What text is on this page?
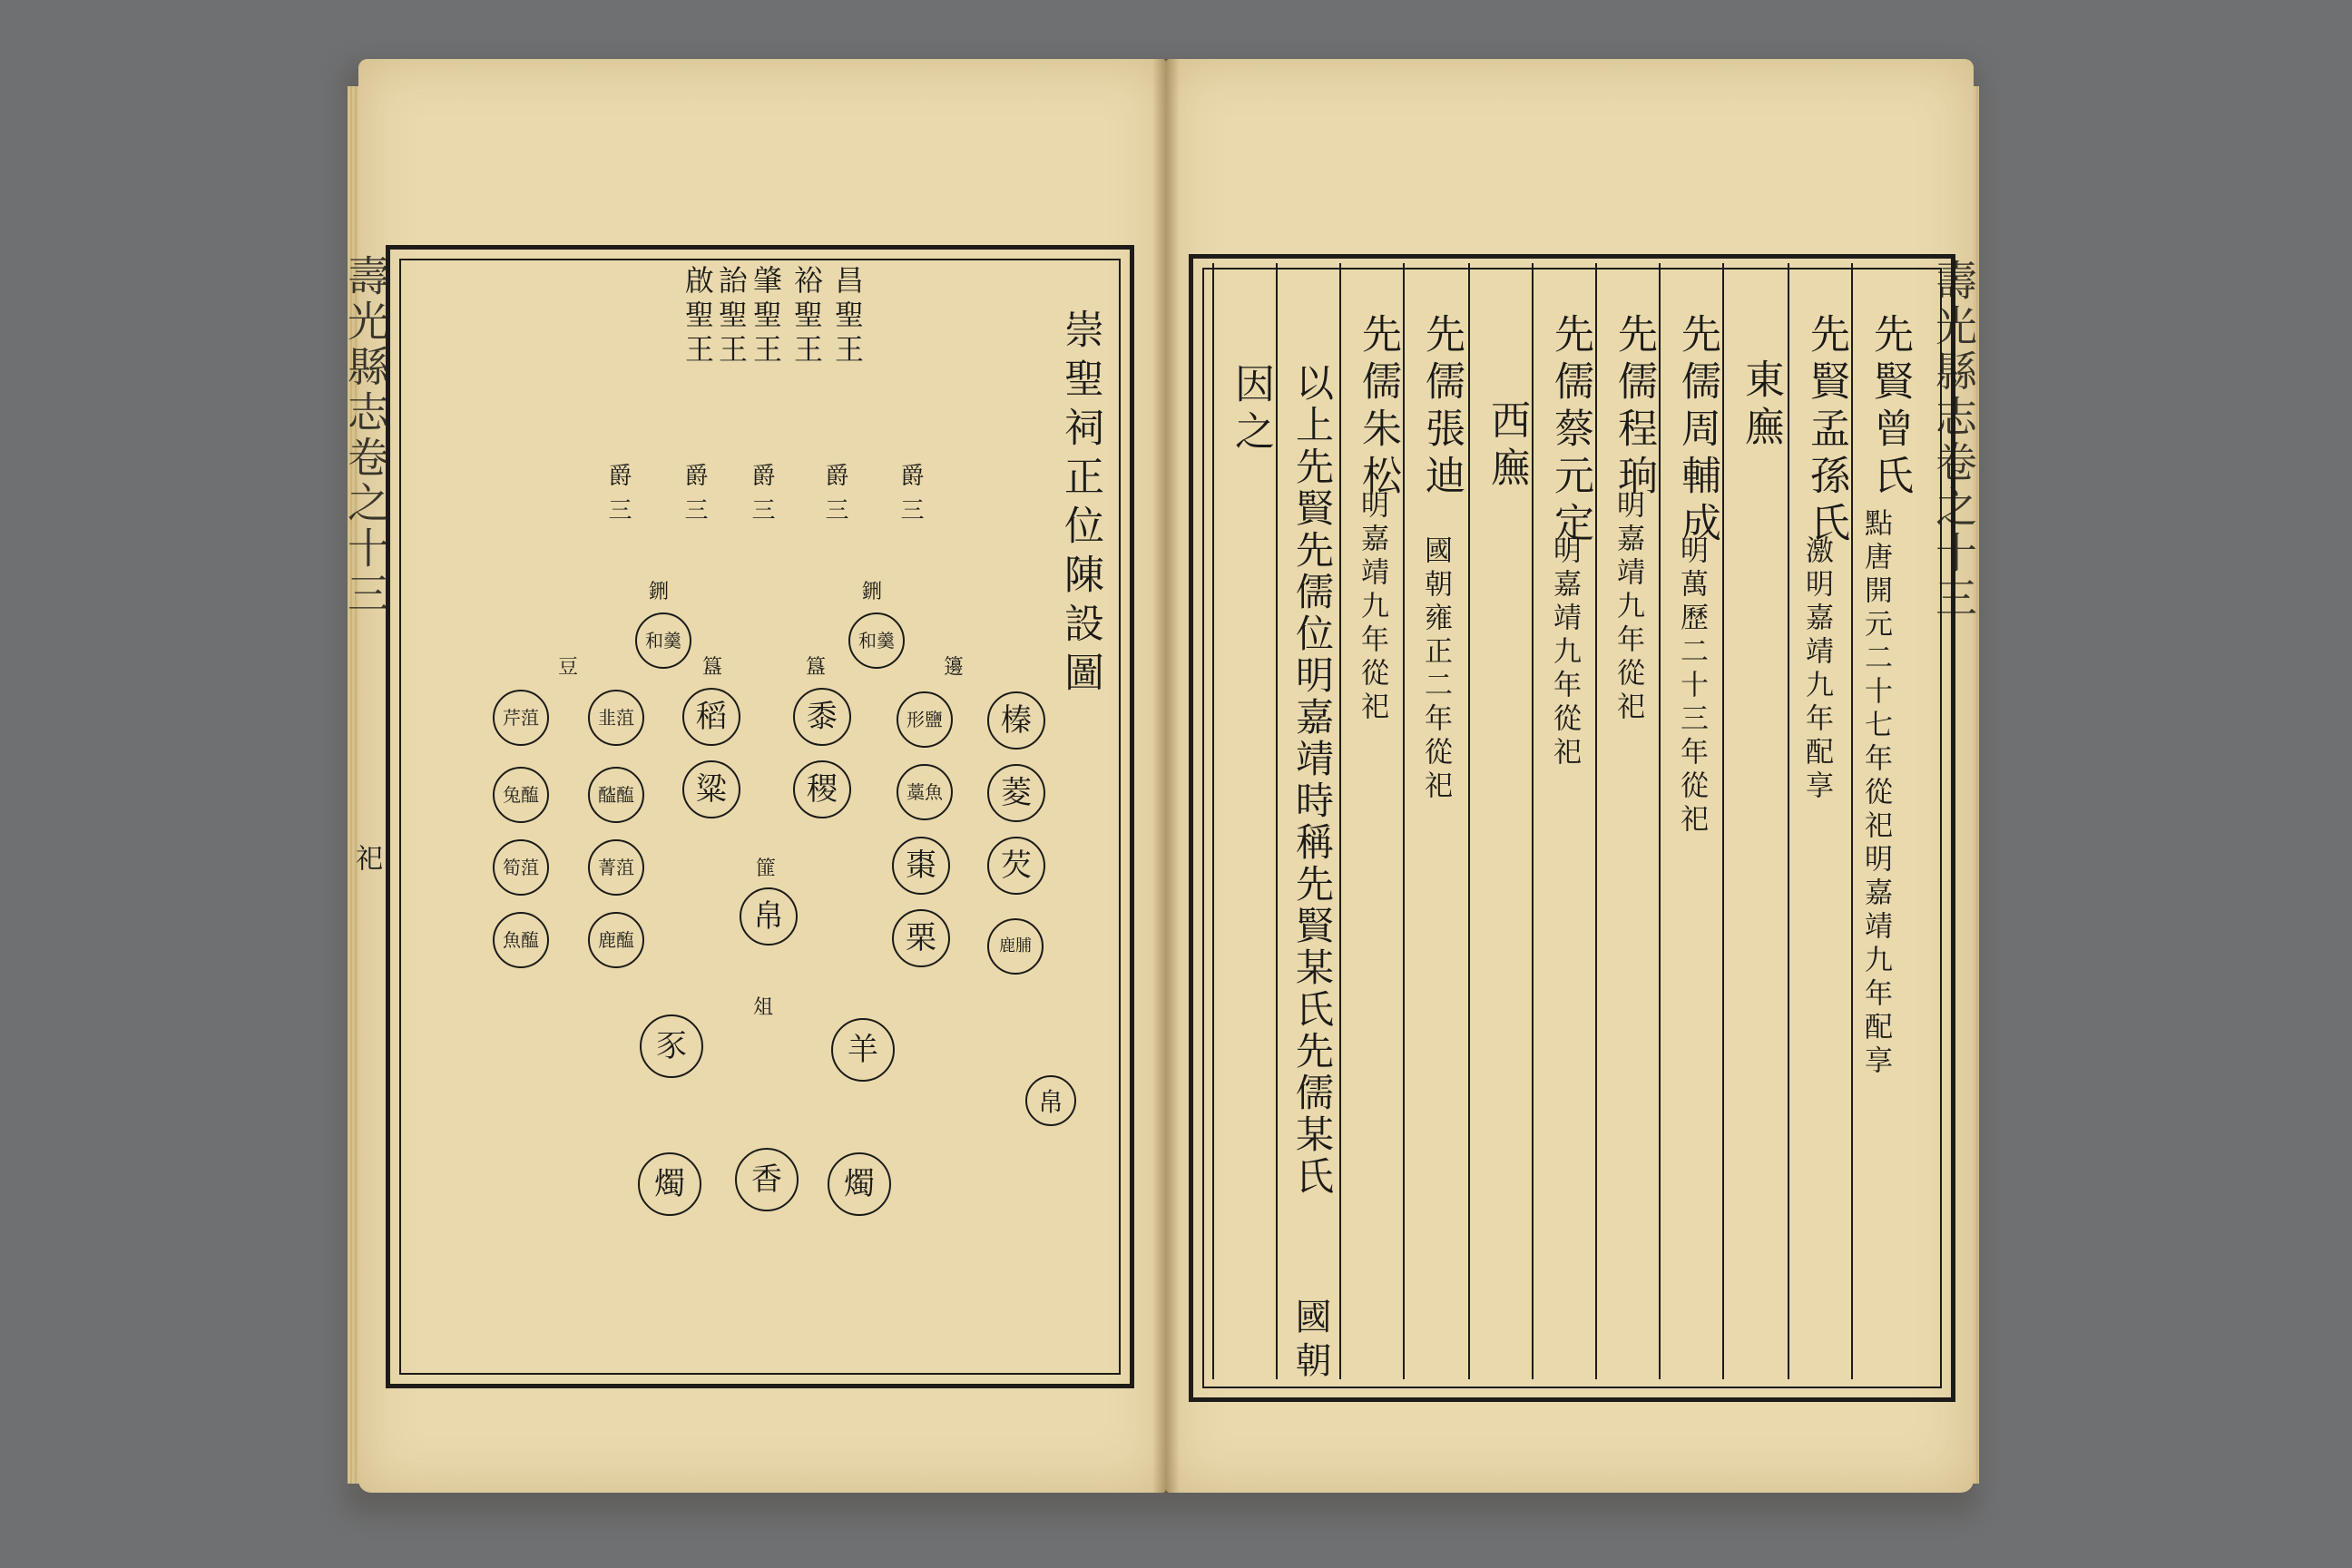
壽光縣志卷之十三
祀
崇聖祠正位陳設圖
昌聖王
裕聖王
肇聖王
詒聖王
啟聖王
爵三
爵三
爵三
爵三
爵三
籩
簋
簋
豆
鉶
鉶
篚
俎
和羹
和羹
榛
菱
芡
鹿脯
形鹽
藁魚
棗
栗
黍
稷
稻
粱
韭菹
醓醢
菁菹
鹿醢
芹菹
兔醢
筍菹
魚醢
帛
羊
豕
燭
香
燭
帛
壽光縣志卷之十三
先賢曾氏
點唐開元二十七年從祀明嘉靖九年配享
先賢孟孫氏
激明嘉靖九年配享
東廡
先儒周輔成
明萬歷二十三年從祀
先儒程珦
明嘉靖九年從祀
先儒蔡元定
明嘉靖九年從祀
西廡
先儒張迪
國朝雍正二年從祀
先儒朱松
明嘉靖九年從祀
以上先賢先儒位明嘉靖時稱先賢某氏先儒某氏
國朝
因之
